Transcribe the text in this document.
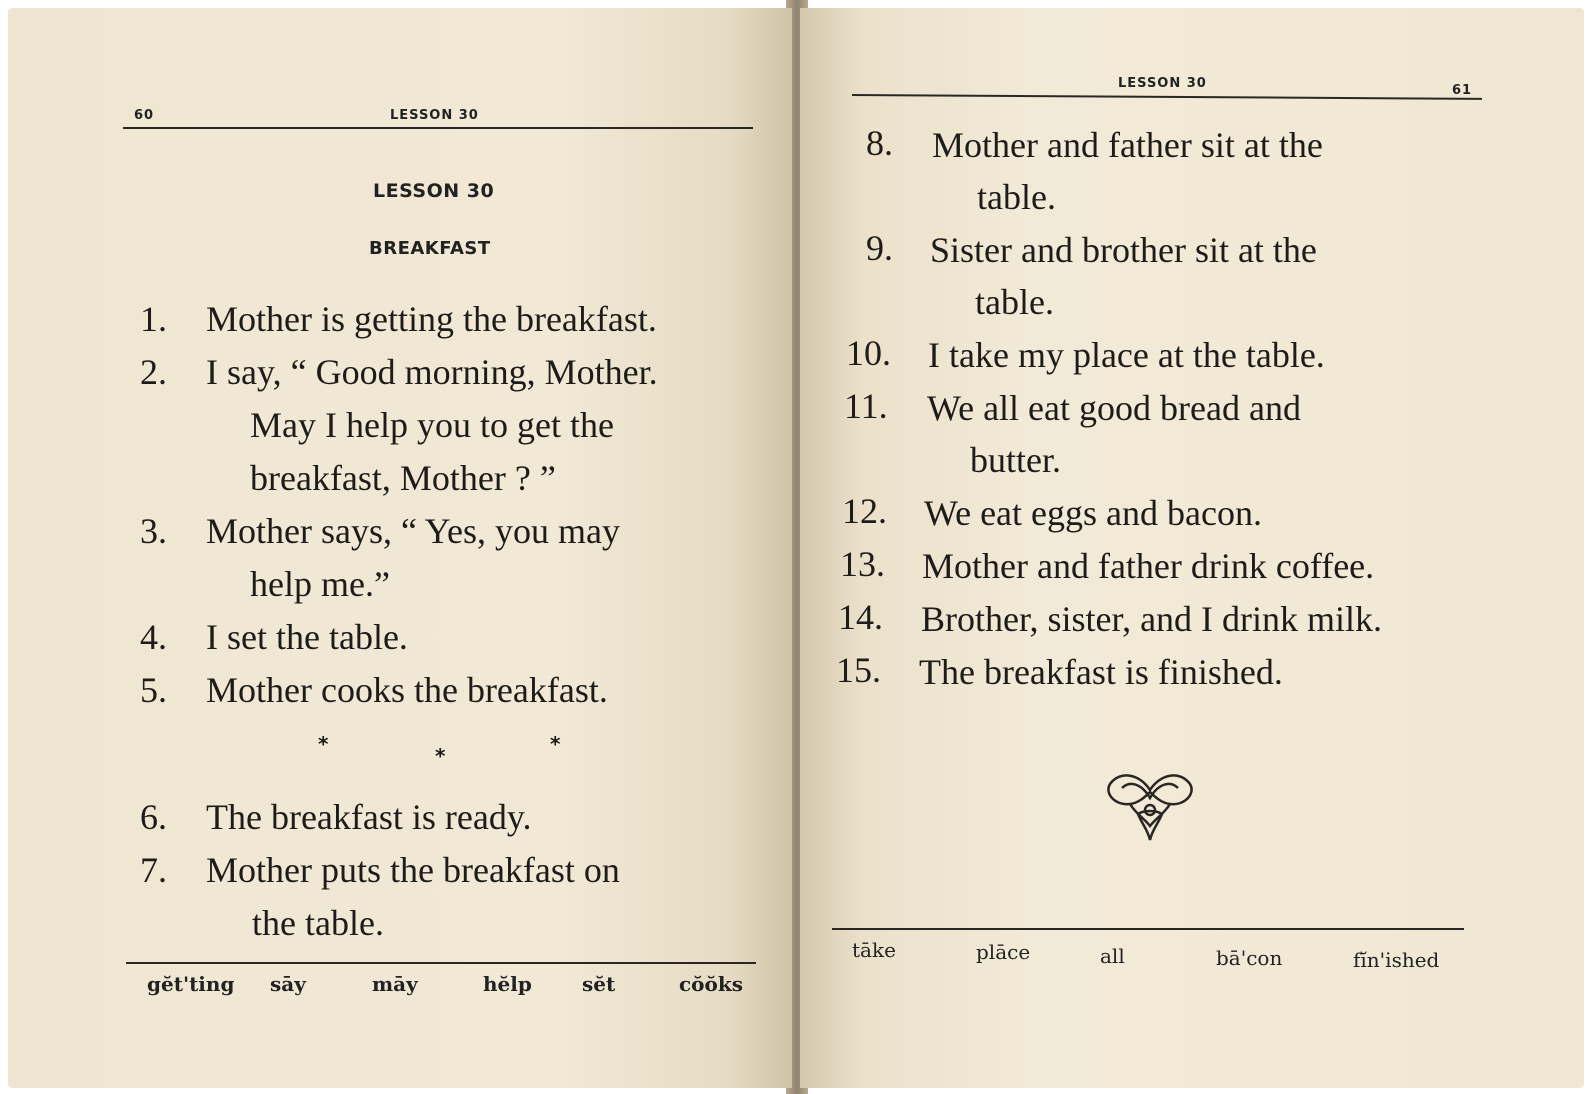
60	LESSON 30
LESSON 30
BREAKFAST
1. Mother is getting the breakfast.
2. I say, “ Good morning, Mother.
May I help you to get the
breakfast, Mother ? ”
3. Mother says, “ Yes, you may
help me.”
4. I set the table.
5. Mother cooks the breakfast.
*	*	*
6. The breakfast is ready.
7. Mother puts the breakfast on
the table.
gĕt'ting sāy	māy	hĕlp	sĕt	cŏŏks
LESSON 30	61
8. Mother and father sit at the
table.
9. Sister and brother sit at the
table.
10. I take my place at the table.
11. We all eat good bread and
butter.
12. We eat eggs and bacon.
13. Mother and father drink coffee.
14. Brother, sister, and I drink milk.
15. The breakfast is finished.
tāke	plāce	all	bā'con	fĭn'ished
